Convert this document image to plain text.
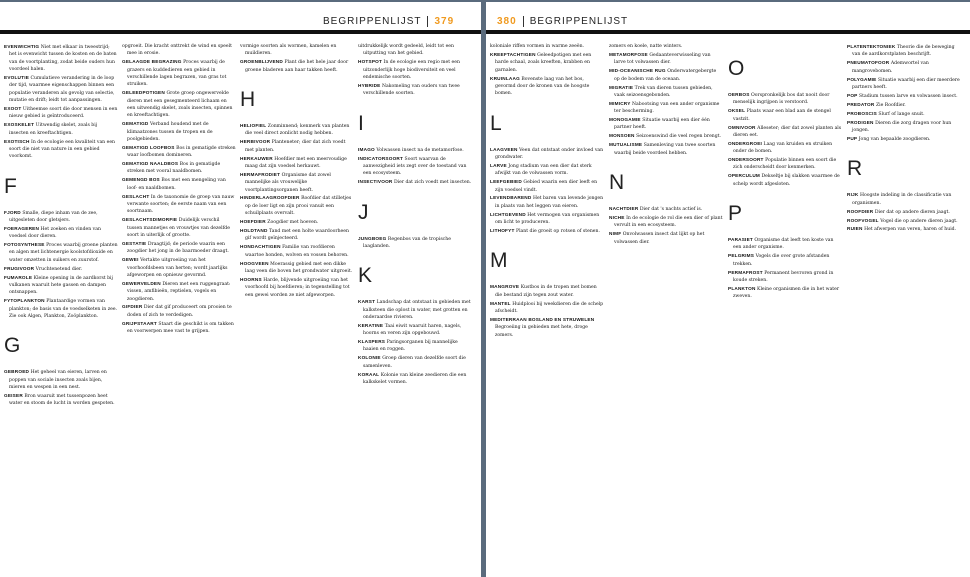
BEGRIPPENLIJST 379
EVENWICHTIG Niet met elkaar in tweestrijd; het is evenwicht tussen de kosten en de baten van de voortplanting, zodat beide ouders hun voordeel halen.
EVOLUTIE Cumulatieve verandering in de loop der tijd, waarmee eigenschappen binnen een populatie veranderen als gevolg van selectie, mutatie en drift; leidt tot aanpassingen.
EXOOT Uitheemse soort die door mensen in een nieuw gebied is geïntroduceerd.
EXOSKELET Uitwendig skelet, zoals bij insecten en kreeftachtigen.
EXOTISCH In de ecologie een kwaliteit van een soort die niet van nature in een gebied voorkomt.
F
FJORD Smalle, diepe inham van de zee, uitgesleten door gletsjers.
FOERAGEREN Het zoeken en vinden van voedsel door dieren.
FOTOSYNTHESE Proces waarbij groene planten en algen met lichtenergie koolstofdioxide en water omzetten in suikers en zuurstof.
FRUGIVOOR Vruchtenetend dier.
FUMAROLE Kleine opening in de aardkorst bij vulkanen waaruit hete gassen en dampen ontsnappen.
FYTOPLANKTON Plantaardige vormen van plankton; de basis van de voedselketen in zee. Zie ook Algen, Plankton, Zoöplankton.
G
GEBROED Het geheel van eieren, larven en poppen van sociale insecten zoals bijen, mieren en wespen in een nest.
GEISER Bron waaruit met tussenpozen heet water en stoom de lucht in worden gespoten.
opgroeit. Die kracht onttrekt de wind en speelt mee in erosie.
GELAAGDE BEGRAZING Proces waarbij de grazers en kuddedieren een gebied in verschillende lagen begrazen, van gras tot struiken.
GELEEDPOTIGEN Grote groep ongewervelde dieren met een gesegmenteerd lichaam en een uitwendig skelet, zoals insecten, spinnen en kreeftachtigen.
GEMATIGD Verband houdend met de klimaatzones tussen de tropen en de poolgebieden.
GEMATIGD LOOFBOS Bos in gematigde streken waar loofbomen domineren.
GEMATIGD NAALDBOS Bos in gematigde streken met vooral naaldbomen.
GEMENGD BOS Bos met een mengeling van loof- en naaldbomen.
GESLACHT In de taxonomie de groep van nauw verwante soorten; de eerste naam van een soortnaam.
GESLACHTSDIMORFIE Duidelijk verschil tussen mannetjes en vrouwtjes van dezelfde soort in uiterlijk of grootte.
GESTATIE Draagtijd; de periode waarin een zoogdier het jong in de baarmoeder draagt.
GEWEI Vertakte uitgroeiing van het voorhoofdsbeen van herten; wordt jaarlijks afgeworpen en opnieuw gevormd.
GEWERVELDEN Dieren met een ruggengraat: vissen, amfibieën, reptielen, vogels en zoogdieren.
GIFDIER Dier dat gif produceert om prooien te doden of zich te verdedigen.
GRIJPSTAART Staart die geschikt is om takken en voorwerpen mee vast te grijpen.
vormige soorten als wormen, kamelen en muildieren.
GROENBLIJVEND Plant die het hele jaar door groene bladeren aan haar takken heeft.
H
HELIOFIEL Zonminnend; kenmerk van planten die veel direct zonlicht nodig hebben.
HERBIVOOR Planteneter; dier dat zich voedt met planten.
HERKAUWER Hoefdier met een meervoudige maag dat zijn voedsel herkauwt.
HERMAFRODIET Organisme dat zowel mannelijke als vrouwelijke voortplantingsorganen heeft.
HINDERLAAGROOFDIER Roofdier dat stilletjes op de loer ligt en zijn prooi vanuit een schuilplaats overvalt.
HOEFDIER Zoogdier met hoeven.
HOLDTAND Tand met een holte waardoorheen gif wordt geïnjecteerd.
HONDACHTIGEN Familie van roofdieren waartoe honden, wolven en vossen behoren.
HOOGVEEN Moerassig gebied met een dikke laag veen die boven het grondwater uitgroeit.
HOORNS Harde, blijvende uitgroeiing van het voorhoofd bij hoefdieren; in tegenstelling tot een gewei worden ze niet afgeworpen.
uitdrukkelijk wordt gedeeld, leidt tot een uitputting van het gebied.
HOTSPOT In de ecologie een regio met een uitzonderlijk hoge biodiversiteit en veel endemische soorten.
HYBRIDE Nakomeling van ouders van twee verschillende soorten.
I
IMAGO Volwassen insect na de metamorfose.
INDICATORSOORT Soort waarvan de aanwezigheid iets zegt over de toestand van een ecosysteem.
INSECTIVOOR Dier dat zich voedt met insecten.
J
JUNGBOEG Regenbos van de tropische laaglanden.
K
KARST Landschap dat ontstaat in gebieden met kalksteen die oplost in water, met grotten en onderaardse rivieren.
KERATINE Taai eiwit waaruit haren, nagels, hoorns en veren zijn opgebouwd.
KLASPERS Paringsorganen bij mannelijke haaien en roggen.
KOLONIE Groep dieren van dezelfde soort die samenleven.
KORAAL Kolonie van kleine zeedieren die een kalkskelet vormen.
380 BEGRIPPENLIJST
koloniale riffen vormen in warme zeeën.
KREEFTACHTIGEN Geleedpotigen met een harde schaal, zoals kreeften, krabben en garnalen.
KRUINLAAG Bovenste laag van het bos, gevormd door de kronen van de hoogste bomen.
L
LAAGVEEN Veen dat ontstaat onder invloed van grondwater.
LARVE Jong stadium van een dier dat sterk afwijkt van de volwassen vorm.
LEEFGEBIED Gebied waarin een dier leeft en zijn voedsel vindt.
LEVENDBAREND Het baren van levende jongen in plaats van het leggen van eieren.
LICHTGEVEND Het vermogen van organismen om licht te produceren.
LITHOFYT Plant die groeit op rotsen of stenen.
M
MANGROVE Kustbos in de tropen met bomen die bestand zijn tegen zout water.
MANTEL Huidplooi bij weekdieren die de schelp afscheidt.
MEDITERRAAN BOSLAND EN STRUWELEN Begroeiing in gebieden met hete, droge zomers.
zomers en koele, natte winters.
METAMORFOSE Gedaanteverwisseling van larve tot volwassen dier.
MID-OCEANISCHE RUG Onderwatergebergte op de bodem van de oceaan.
MIGRATIE Trek van dieren tussen gebieden, vaak seizoensgebonden.
MIMICRY Nabootsing van een ander organisme ter bescherming.
MONOGAMIE Situatie waarbij een dier één partner heeft.
MONSOEN Seizoenswind die veel regen brengt.
MUTUALISME Samenleving van twee soorten waarbij beide voordeel hebben.
N
NACHTDIER Dier dat 's nachts actief is.
NICHE In de ecologie de rol die een dier of plant vervult in een ecosysteem.
NIMF Onvolwassen insect dat lijkt op het volwassen dier.
O
OERBOS Oorspronkelijk bos dat nooit door menselijk ingrijpen is verstoord.
OKSEL Plaats waar een blad aan de stengel vastzit.
OMNIVOOR Alleseter; dier dat zowel planten als dieren eet.
ONDERGROEI Laag van kruiden en struiken onder de bomen.
ONDERSOORT Populatie binnen een soort die zich onderscheidt door kenmerken.
OPERCULUM Dekseltje bij slakken waarmee de schelp wordt afgesloten.
P
PARASIET Organisme dat leeft ten koste van een ander organisme.
PELGRIMS Vogels die over grote afstanden trekken.
PERMAFROST Permanent bevroren grond in koude streken.
PLANKTON Kleine organismen die in het water zweven.
PLATENTEKTONIEK Theorie die de beweging van de aardkorstplaten beschrijft.
PNEUMATOFOOR Ademwortel van mangrovebomen.
POLYGAMIE Situatie waarbij een dier meerdere partners heeft.
POP Stadium tussen larve en volwassen insect.
PREDATOR Zie Roofdier.
PROBOSCIS Slurf of lange snuit.
PRODIGEN Dieren die zorg dragen voor hun jongen.
PUP Jong van bepaalde zoogdieren.
R
RIJK Hoogste indeling in de classificatie van organismen.
ROOFDIER Dier dat op andere dieren jaagt.
ROOFVOGEL Vogel die op andere dieren jaagt.
RUIEN Het afwerpen van veren, haren of huid.
